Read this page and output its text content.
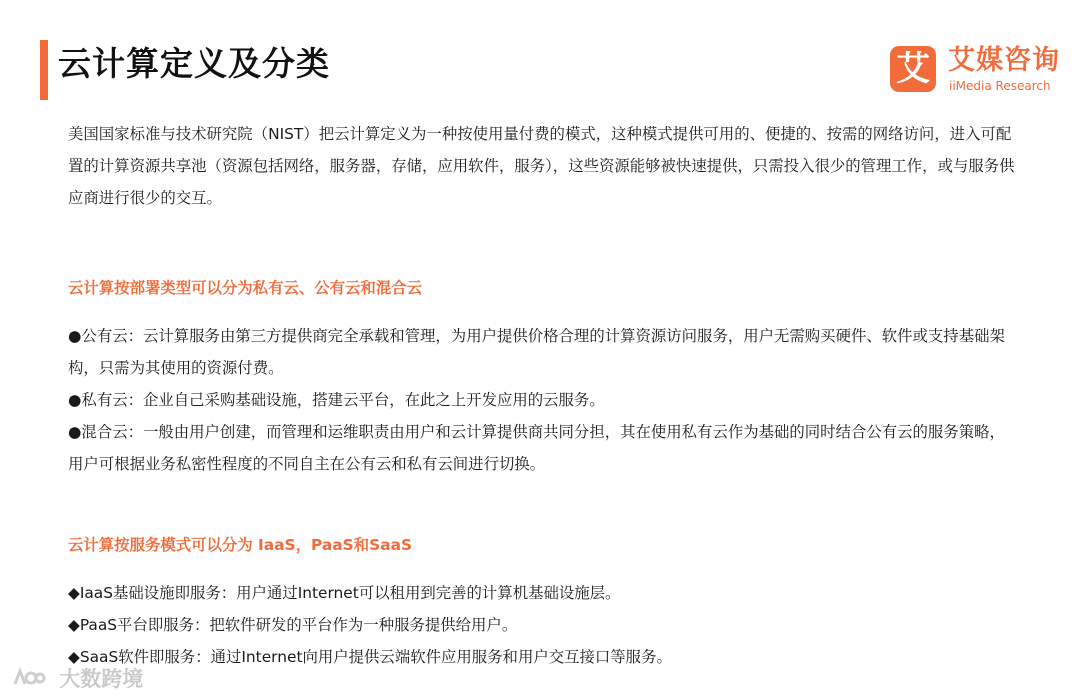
云计算定义及分类	艾 艾媒咨询
iiMedia Research

美国国家标准与技术研究院（NIST）把云计算定义为一种按使用量付费的模式，这种模式提供可用的、便捷的、按需的网络访问，进入可配置的计算资源共享池（资源包括网络，服务器，存储，应用软件，服务），这些资源能够被快速提供，只需投入很少的管理工作，或与服务供应商进行很少的交互。

云计算按部署类型可以分为私有云、公有云和混合云

●公有云：云计算服务由第三方提供商完全承载和管理，为用户提供价格合理的计算资源访问服务，用户无需购买硬件、软件或支持基础架构，只需为其使用的资源付费。

●私有云：企业自己采购基础设施，搭建云平台，在此之上开发应用的云服务。

●混合云：一般由用户创建，而管理和运维职责由用户和云计算提供商共同分担，其在使用私有云作为基础的同时结合公有云的服务策略，用户可根据业务私密性程度的不同自主在公有云和私有云间进行切换。

云计算按服务模式可以分为 IaaS，PaaS和SaaS

◆IaaS基础设施即服务：用户通过Internet可以租用到完善的计算机基础设施层。

◆PaaS平台即服务：把软件研发的平台作为一种服务提供给用户。

◆SaaS软件即服务：通过Internet向用户提供云端软件应用服务和用户交互接口等服务。

大数跨境
